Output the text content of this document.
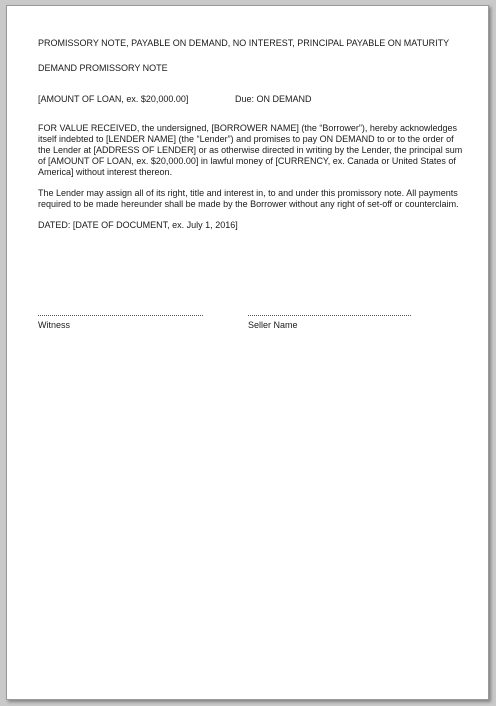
PROMISSORY NOTE, PAYABLE ON DEMAND, NO INTEREST, PRINCIPAL PAYABLE ON MATURITY
DEMAND PROMISSORY NOTE
[AMOUNT OF LOAN, ex. $20,000.00]	Due: ON DEMAND
FOR VALUE RECEIVED, the undersigned, [BORROWER NAME] (the “Borrower”), hereby acknowledges itself indebted to [LENDER NAME] (the “Lender”) and promises to pay ON DEMAND to or to the order of the Lender at [ADDRESS OF LENDER] or as otherwise directed in writing by the Lender, the principal sum of [AMOUNT OF LOAN, ex. $20,000.00] in lawful money of [CURRENCY, ex. Canada or United States of America] without interest thereon.
The Lender may assign all of its right, title and interest in, to and under this promissory note. All payments required to be made hereunder shall be made by the Borrower without any right of set-off or counterclaim.
DATED: [DATE OF DOCUMENT, ex. July 1, 2016]
Witness	Seller Name
